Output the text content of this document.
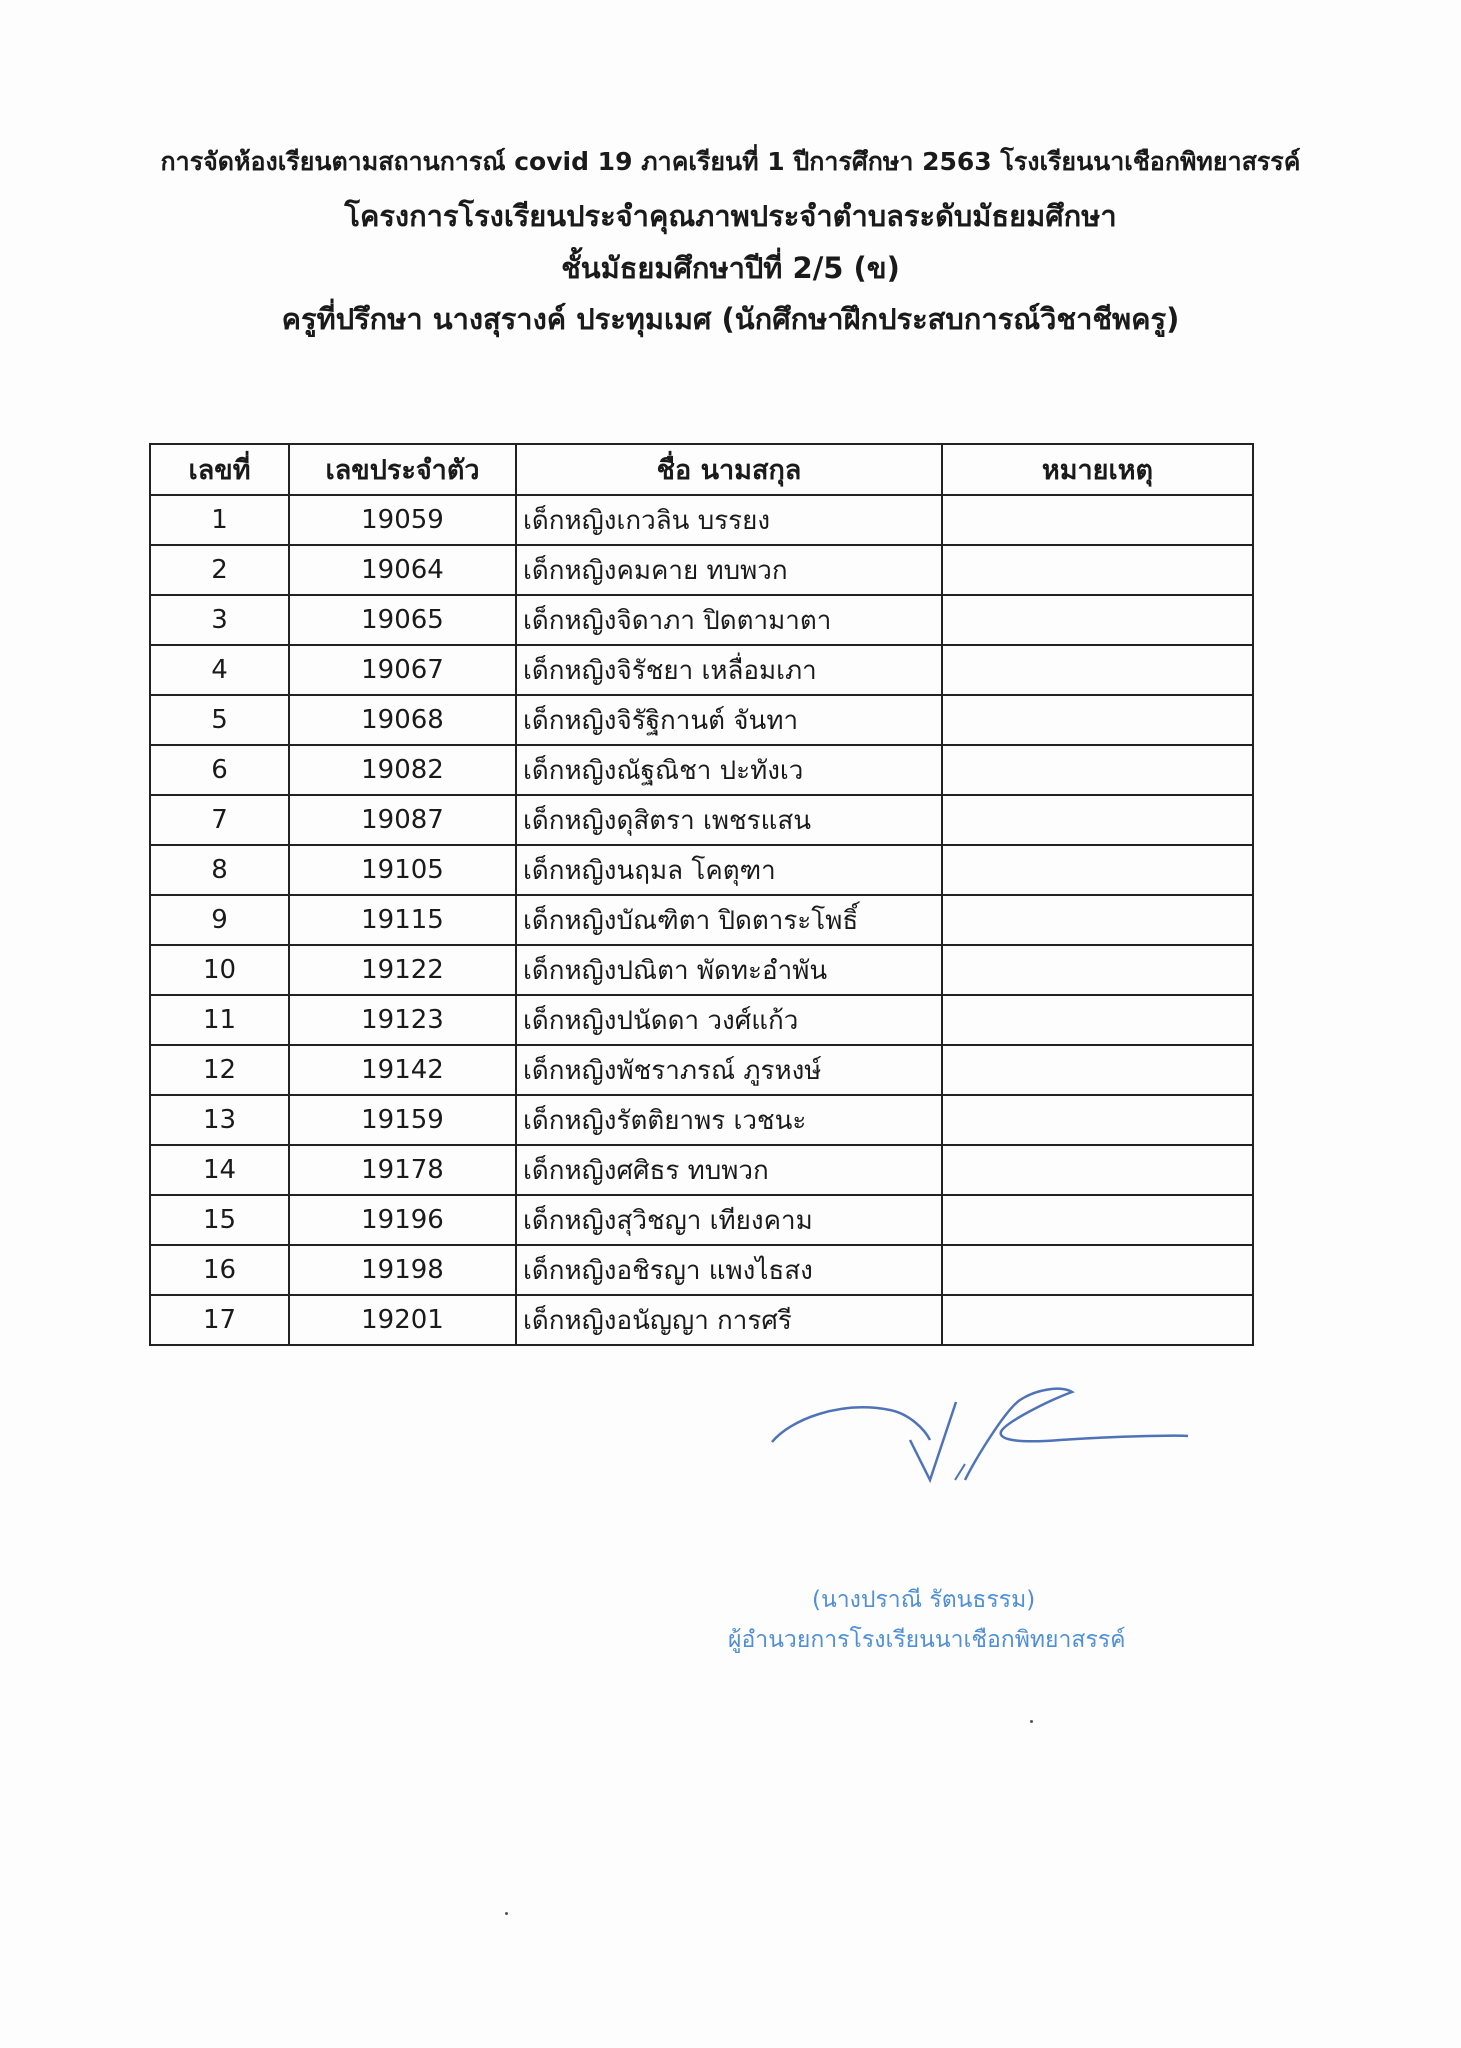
การจัดห้องเรียนตามสถานการณ์ covid 19 ภาคเรียนที่ 1 ปีการศึกษา 2563 โรงเรียนนาเชือกพิทยาสรรค์
โครงการโรงเรียนประจำคุณภาพประจำตำบลระดับมัธยมศึกษา
ชั้นมัธยมศึกษาปีที่ 2/5 (ข)
ครูที่ปรึกษา นางสุรางค์ ประทุมเมศ (นักศึกษาฝึกประสบการณ์วิชาชีพครู)
เลขที่	เลขประจำตัว	ชื่อ นามสกุล	หมายเหตุ
1	19059	เด็กหญิงเกวลิน บรรยง	
2	19064	เด็กหญิงคมคาย ทบพวก	
3	19065	เด็กหญิงจิดาภา ปิดตามาตา	
4	19067	เด็กหญิงจิรัชยา เหลื่อมเภา	
5	19068	เด็กหญิงจิรัฐิกานต์ จันทา	
6	19082	เด็กหญิงณัฐณิชา ปะทังเว	
7	19087	เด็กหญิงดุสิตรา เพชรแสน	
8	19105	เด็กหญิงนฤมล โคตุฑา	
9	19115	เด็กหญิงบัณฑิตา ปิดตาระโพธิ์	
10	19122	เด็กหญิงปณิตา พัดทะอำพัน	
11	19123	เด็กหญิงปนัดดา วงศ์แก้ว	
12	19142	เด็กหญิงพัชราภรณ์ ภูรหงษ์	
13	19159	เด็กหญิงรัตติยาพร เวชนะ	
14	19178	เด็กหญิงศศิธร ทบพวก	
15	19196	เด็กหญิงสุวิชญา เทียงคาม	
16	19198	เด็กหญิงอชิรญา แพงไธสง	
17	19201	เด็กหญิงอนัญญา การศรี	
(นางปราณี รัตนธรรม)
ผู้อำนวยการโรงเรียนนาเชือกพิทยาสรรค์
